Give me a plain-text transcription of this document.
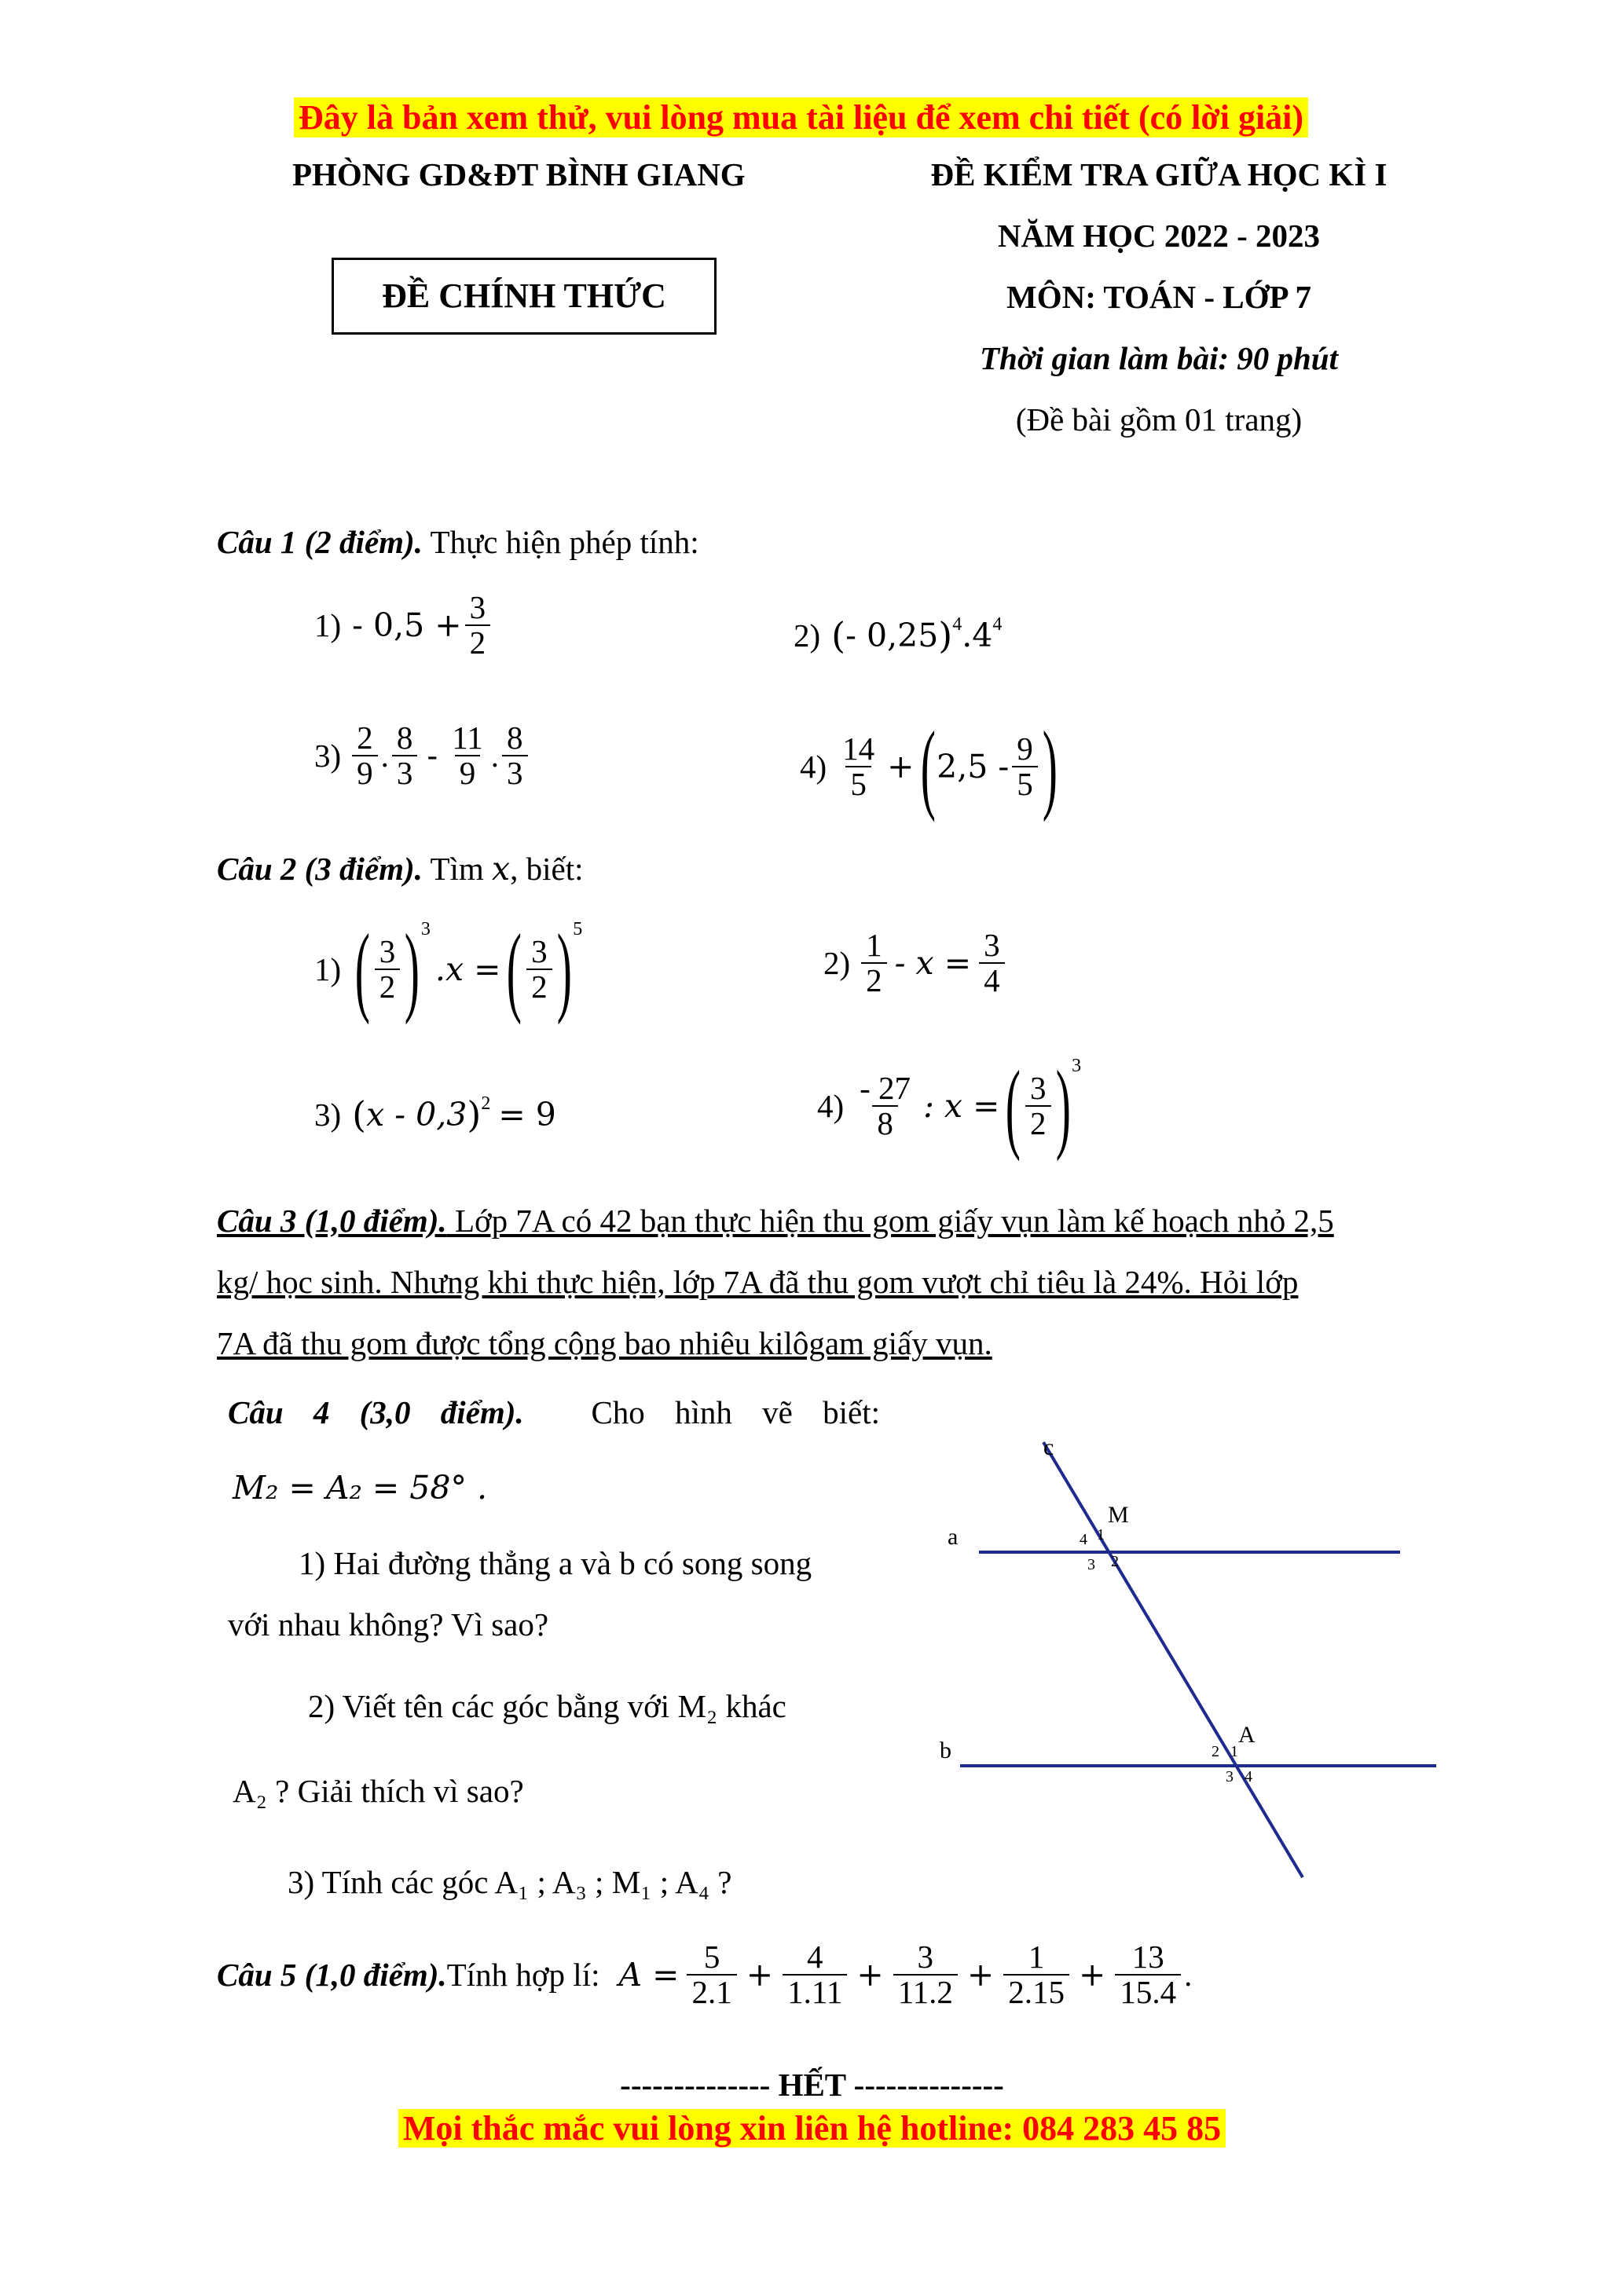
Đây là bản xem thử, vui lòng mua tài liệu để xem chi tiết (có lời giải)
PHÒNG GD&ĐT BÌNH GIANG
ĐỀ CHÍNH THỨC
ĐỀ KIỂM TRA GIỮA HỌC KÌ I
NĂM HỌC 2022 - 2023
MÔN: TOÁN - LỚP 7
Thời gian làm bài: 90 phút
(Đề bài gồm 01 trang)
Câu 1 (2 điểm). Thực hiện phép tính:
$1) - 0,5 + \frac{3}{2}$	2) ( - 0,25 ) 4 .4 4
$3) \frac{2}{9}$ . $\frac{8}{3} - \frac{11}{9}$ . $\frac{8}{3}$	$4) \frac{14}{5}$ + ( $2,5 - \frac{9}{5}$ )
Câu 2 (3 điểm). Tìm x, biết:
1) ( $\frac{3}{2}$ ) 3
.x = ( $\frac{3}{2}$ ) 5
$2) \frac{1}{2} - x = \frac{3}{4}$
3) ( x - 0,3 ) 2 = 9	$4) \frac{- 27}{8}$ : x = ( $\frac{3}{2}$ ) 3
Câu 3 (1,0 điểm). Lớp 7A có 42 bạn thực hiện thu gom giấy vụn làm kế hoạch nhỏ 2,5
kg/ học sinh. Nhưng khi thực hiện, lớp 7A đã thu gom vượt chỉ tiêu là 24%. Hỏi lớp
7A đã thu gom được tổng cộng bao nhiêu kilôgam giấy vụn.
Câu 4 (3,0 điểm). Cho hình vẽ biết:
M₂ = A₂ = 58° .
1) Hai đường thẳng a và b có song song
với nhau không? Vì sao?
2) Viết tên các góc bằng với M₂ khác
A₂ ? Giải thích vì sao?
3) Tính các góc A₁ ; A₃ ; M₁ ; A₄ ?
c
M
a
b
A
1
2
3
4
1
2
3 4
Câu 5 (1,0 điểm). Tính hợp lí: $A = \frac{5}{2.1} + \frac{4}{1.11} + \frac{3}{11.2} + \frac{1}{2.15} + \frac{13}{15.4}$ .
-------------- HẾT --------------
Mọi thắc mắc vui lòng xin liên hệ hotline: 084 283 45 85
